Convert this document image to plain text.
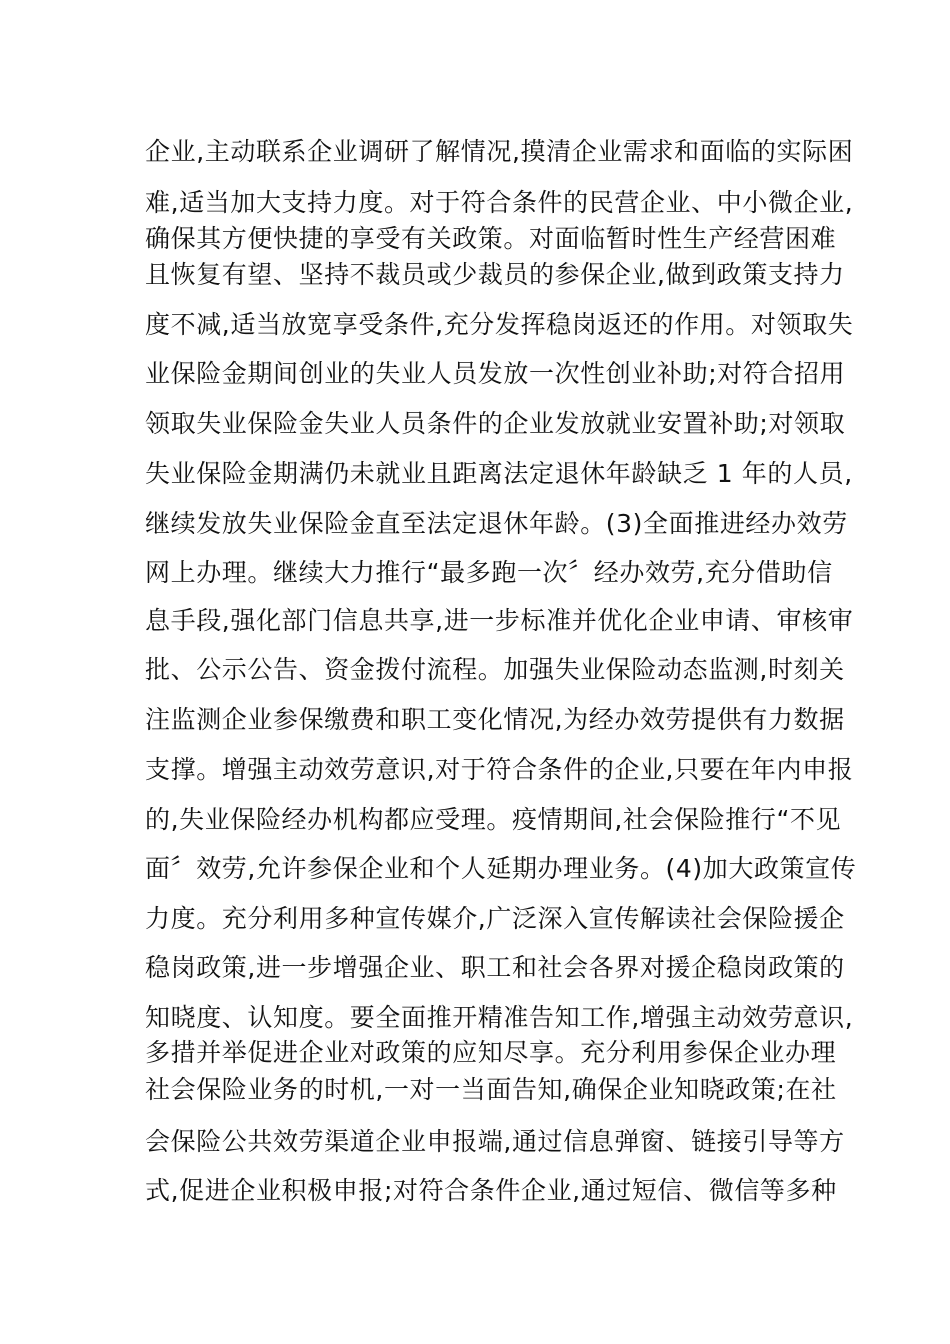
企业,主动联系企业调研了解情况,摸清企业需求和面临的实际困
难,适当加大支持力度。对于符合条件的民营企业、中小微企业,
确保其方便快捷的享受有关政策。对面临暂时性生产经营困难
且恢复有望、坚持不裁员或少裁员的参保企业,做到政策支持力
度不减,适当放宽享受条件,充分发挥稳岗返还的作用。对领取失
业保险金期间创业的失业人员发放一次性创业补助;对符合招用
领取失业保险金失业人员条件的企业发放就业安置补助;对领取
失业保险金期满仍未就业且距离法定退休年龄缺乏 1 年的人员,
继续发放失业保险金直至法定退休年龄。(3)全面推进经办效劳
网上办理。继续大力推行“最多跑一次〞经办效劳,充分借助信
息手段,强化部门信息共享,进一步标准并优化企业申请、审核审
批、公示公告、资金拨付流程。加强失业保险动态监测,时刻关
注监测企业参保缴费和职工变化情况,为经办效劳提供有力数据
支撑。增强主动效劳意识,对于符合条件的企业,只要在年内申报
的,失业保险经办机构都应受理。疫情期间,社会保险推行“不见
面〞效劳,允许参保企业和个人延期办理业务。(4)加大政策宣传
力度。充分利用多种宣传媒介,广泛深入宣传解读社会保险援企
稳岗政策,进一步增强企业、职工和社会各界对援企稳岗政策的
知晓度、认知度。要全面推开精准告知工作,增强主动效劳意识,
多措并举促进企业对政策的应知尽享。充分利用参保企业办理
社会保险业务的时机,一对一当面告知,确保企业知晓政策;在社
会保险公共效劳渠道企业申报端,通过信息弹窗、链接引导等方
式,促进企业积极申报;对符合条件企业,通过短信、微信等多种
